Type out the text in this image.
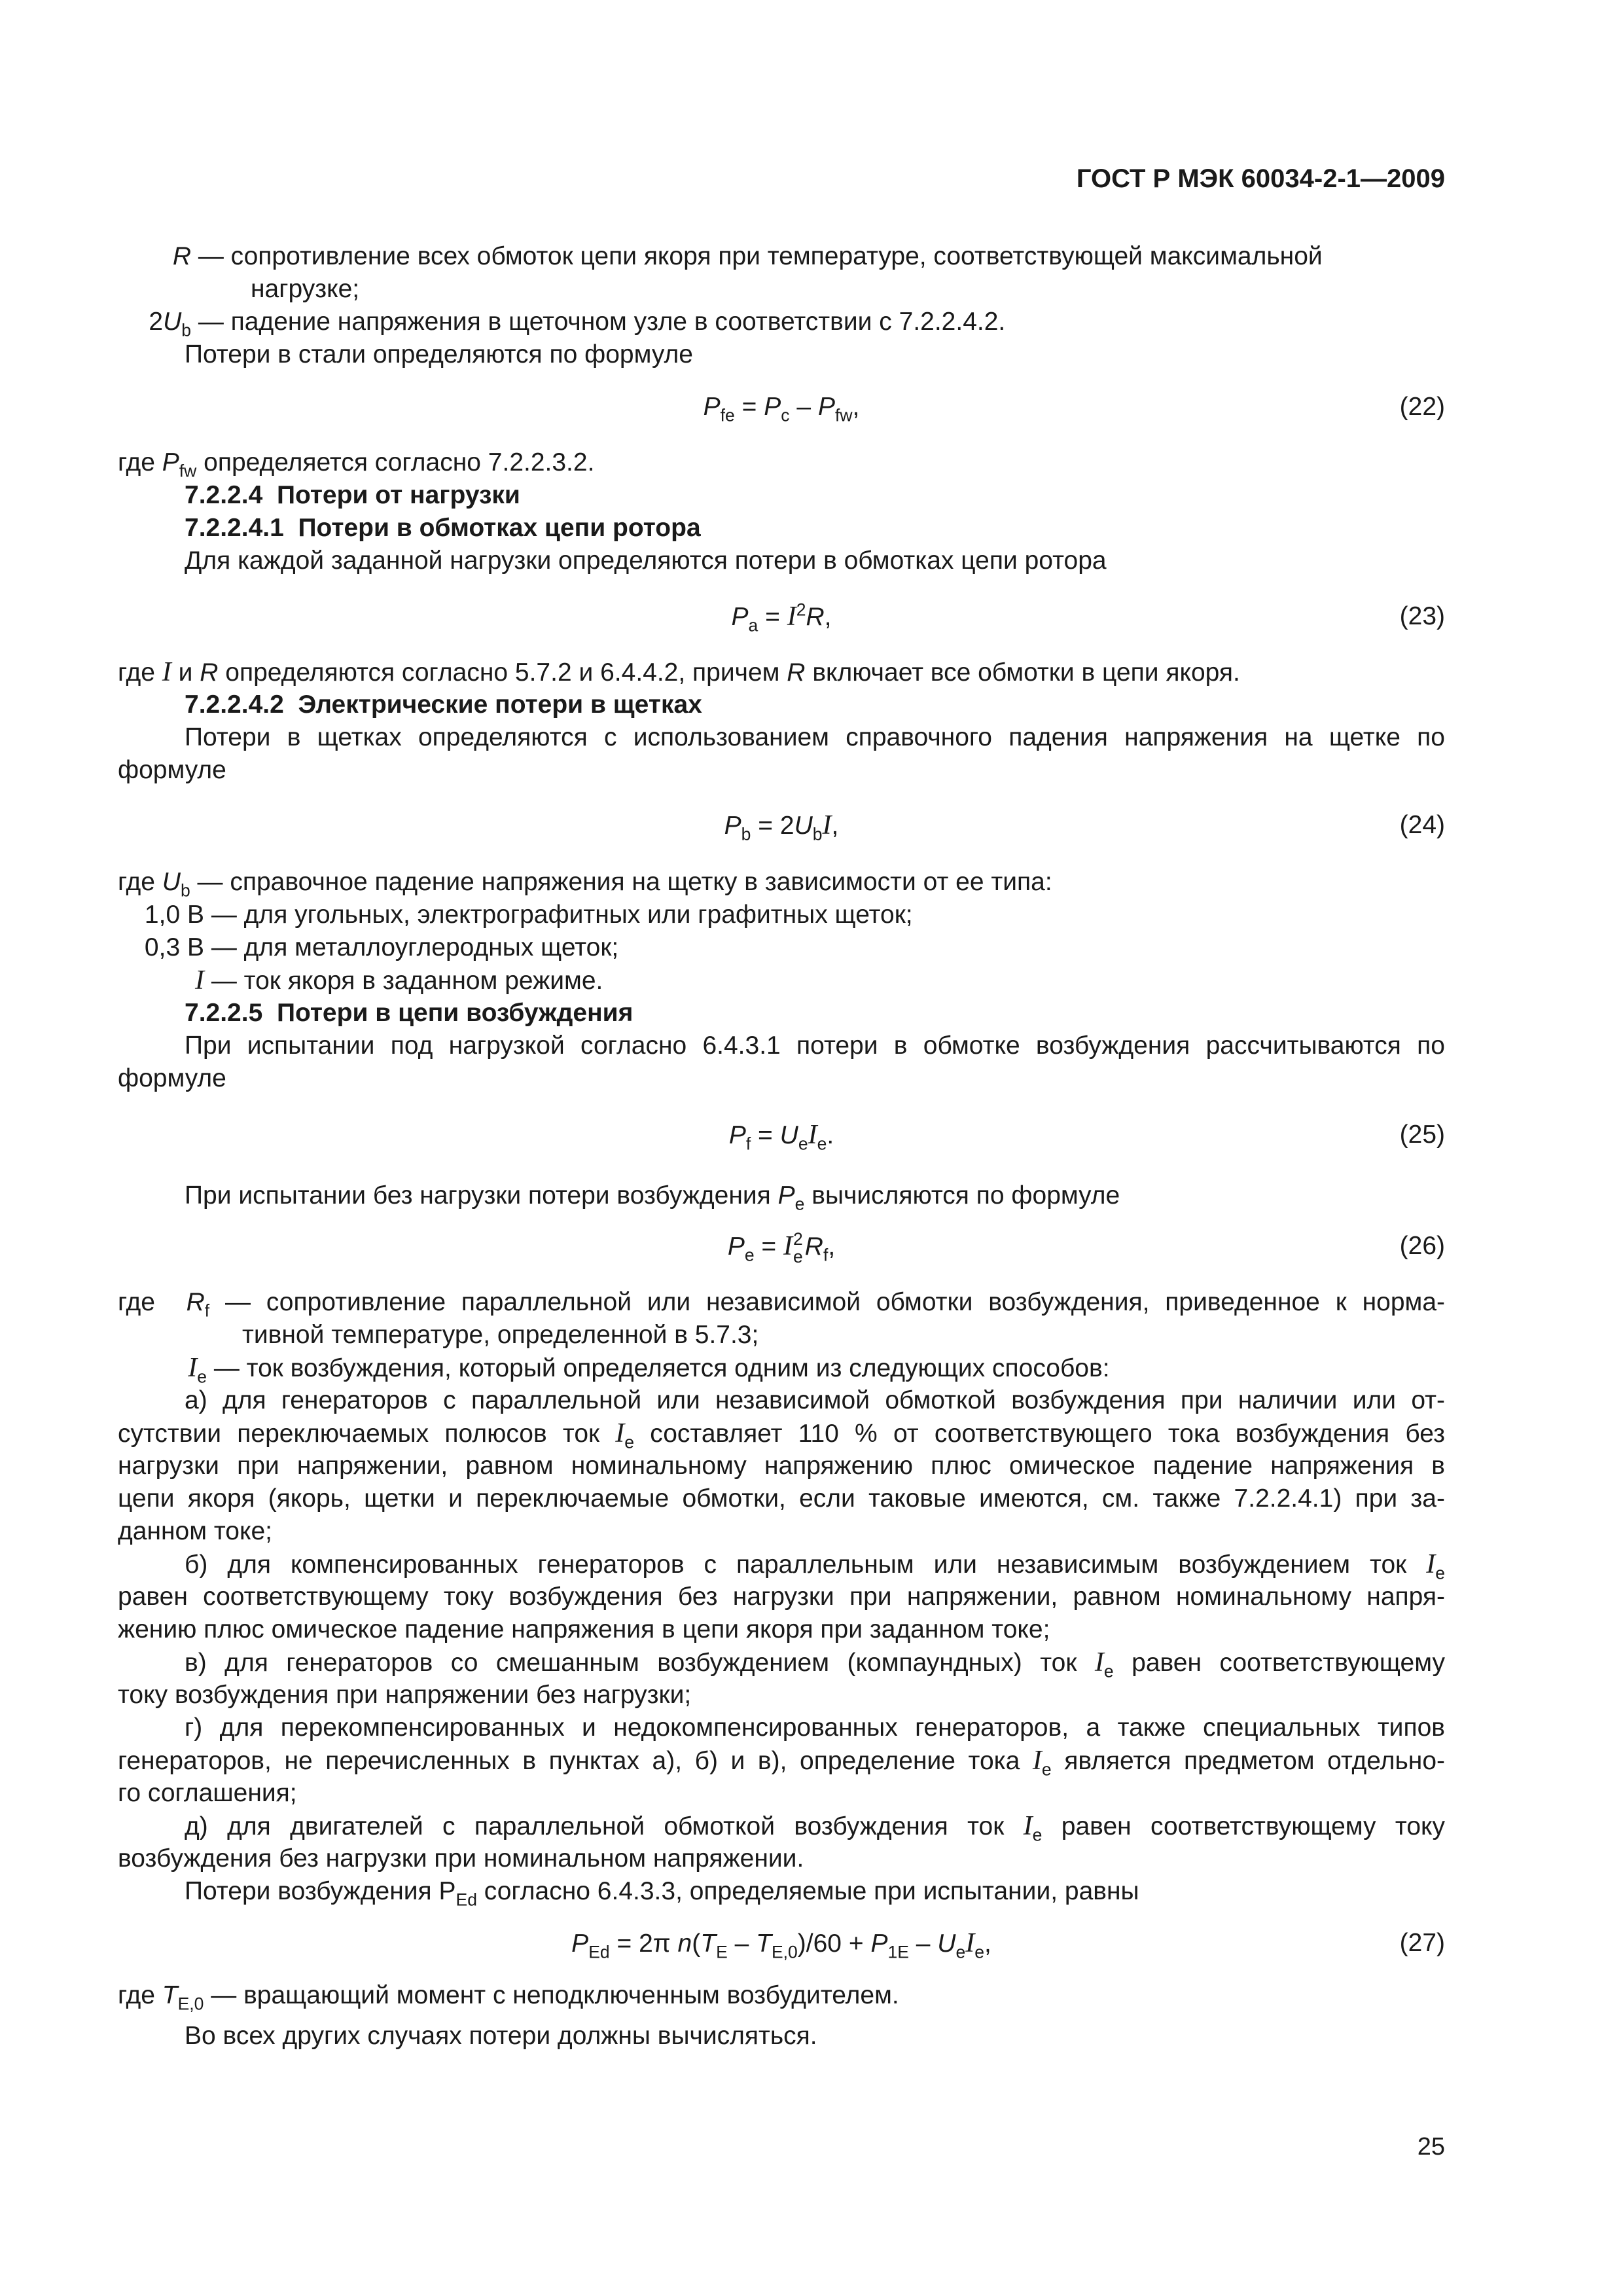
ГОСТ Р МЭК 60034-2-1—2009
R — сопротивление всех обмоток цепи якоря при температуре, соответствующей максимальной
нагрузке;
$2U_b$ — падение напряжения в щеточном узле в соответствии с 7.2.2.4.2.
Потери в стали определяются по формуле
$P_{fe} = P_c - P_{fw}$,	(22)
где $P_{fw}$ определяется согласно 7.2.2.3.2.
7.2.2.4 Потери от нагрузки
7.2.2.4.1 Потери в обмотках цепи ротора
Для каждой заданной нагрузки определяются потери в обмотках цепи ротора
$P_a = I^2R$,	(23)
где I и R определяются согласно 5.7.2 и 6.4.4.2, причем R включает все обмотки в цепи якоря.
7.2.2.4.2 Электрические потери в щетках
Потери в щетках определяются с использованием справочного падения напряжения на щетке по
формуле
$P_b = 2U_bI$,	(24)
где $U_b$ — справочное падение напряжения на щетку в зависимости от ее типа:
1,0 В — для угольных, электрографитных или графитных щеток;
0,3 В — для металлоуглеродных щеток;
I — ток якоря в заданном режиме.
7.2.2.5 Потери в цепи возбуждения
При испытании под нагрузкой согласно 6.4.3.1 потери в обмотке возбуждения рассчитываются по
формуле
$P_f = U_eI_e$.	(25)
При испытании без нагрузки потери возбуждения $P_e$ вычисляются по формуле
$P_e = I$ 2
e $R_f$,	(26)
где $R_f$ — сопротивление параллельной или независимой обмотки возбуждения, приведенное к норма-
тивной температуре, определенной в 5.7.3;
$I_e$ — ток возбуждения, который определяется одним из следующих способов:
а) для генераторов с параллельной или независимой обмоткой возбуждения при наличии или от-
сутствии переключаемых полюсов ток $I_е$ составляет 110 % от соответствующего тока возбуждения без
нагрузки при напряжении, равном номинальному напряжению плюс омическое падение напряжения в
цепи якоря (якорь, щетки и переключаемые обмотки, если таковые имеются, см. также 7.2.2.4.1) при за-
данном токе;
б) для компенсированных генераторов с параллельным или независимым возбуждением ток $I_е$
равен соответствующему току возбуждения без нагрузки при напряжении, равном номинальному напря-
жению плюс омическое падение напряжения в цепи якоря при заданном токе;
в) для генераторов со смешанным возбуждением (компаундных) ток $I_е$ равен соответствующему
току возбуждения при напряжении без нагрузки;
г) для перекомпенсированных и недокомпенсированных генераторов, а также специальных типов
генераторов, не перечисленных в пунктах а), б) и в), определение тока $I_е$ является предметом отдельно-
го соглашения;
д) для двигателей с параллельной обмоткой возбуждения ток $I_е$ равен соответствующему току
возбуждения без нагрузки при номинальном напряжении.
Потери возбуждения $P_{Ed}$ согласно 6.4.3.3, определяемые при испытании, равны
$P_{Ed} = 2\pi$ $n(T_E - T_{E,0})/60 + P_{1E} - U_eI_e$,	(27)
где $T_{E,0}$ — вращающий момент с неподключенным возбудителем.
Во всех других случаях потери должны вычисляться.
25
